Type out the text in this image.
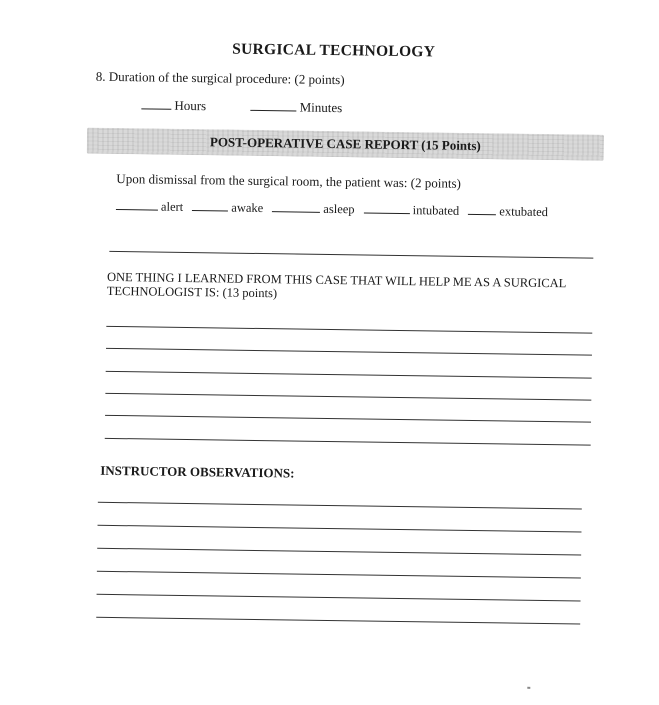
SURGICAL TECHNOLOGY
8. Duration of the surgical procedure: (2 points)
Hours	Minutes
POST-OPERATIVE CASE REPORT (15 Points)
Upon dismissal from the surgical room, the patient was: (2 points)
alert	awake	asleep	intubated	extubated
ONE THING I LEARNED FROM THIS CASE THAT WILL HELP ME AS A SURGICAL TECHNOLOGIST IS: (13 points)
INSTRUCTOR OBSERVATIONS:
